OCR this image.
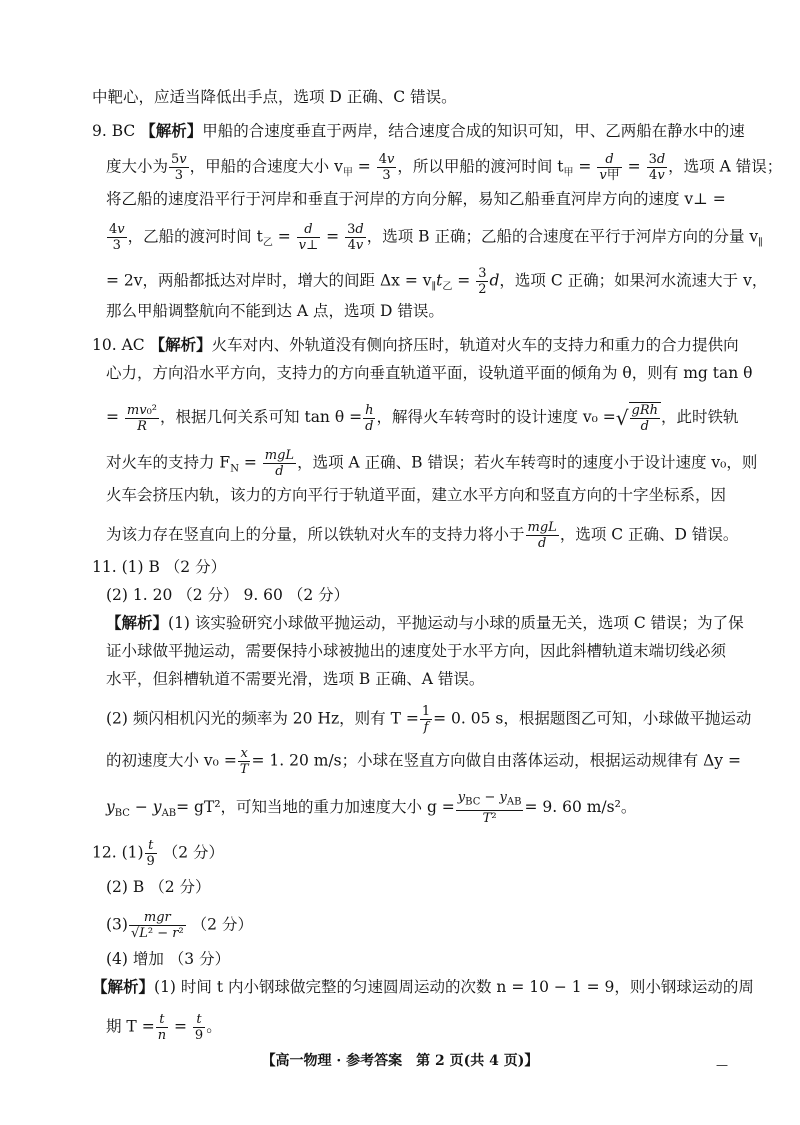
中靶心，应适当降低出手点，选项 D 正确、C 错误。
9. BC 【解析】甲船的合速度垂直于两岸，结合速度合成的知识可知，甲、乙两船在静水中的速
度大小为 $\frac{5v}{3}$ ，甲船的合速度大小 $v_甲 = \frac{4v}{3}$ ，所以甲船的渡河时间 $t_甲 = d$
v甲 = $\frac{3d}{4v}$ ，选项 A 错误；
将乙船的速度沿平行于河岸和垂直于河岸的方向分解，易知乙船垂直河岸方向的速度 v⊥ =
$\frac{4v}{3}$ ，乙船的渡河时间 $t_乙 = \frac{d}{v\perp} = \frac{3d}{4v}$ ，选项 B 正确；乙船的合速度在平行于河岸方向的分量 $v_\parallel$
= 2v，两船都抵达对岸时，增大的间距 $\Delta x = v_\parallel t_乙 = \frac{3}{2}$ d，选项 C 正确；如果河水流速大于 v，
那么甲船调整航向不能到达 A 点，选项 D 错误。
10. AC 【解析】火车对内、外轨道没有侧向挤压时，轨道对火车的支持力和重力的合力提供向
心力，方向沿水平方向，支持力的方向垂直轨道平面，设轨道平面的倾角为 θ，则有 mg tan θ
= $\frac{\text{mv₀²}}{R}$ ，根据几何关系可知 $\tan \theta = \frac{h}{d}$ ，解得火车转弯时的设计速度 v₀ =√ gRh
d
，此时铁轨
对火车的支持力 $F_N$ = mgL
d ，选项 A 正确、B 错误；若火车转弯时的速度小于设计速度 v₀，则
火车会挤压内轨，该力的方向平行于轨道平面，建立水平方向和竖直方向的十字坐标系，因
为该力存在竖直向上的分量，所以铁轨对火车的支持力将小于 mgL
d ，选项 C 正确、D 错误。
11. (1) B （2 分）
(2) 1. 20 （2 分） 9. 60 （2 分）
【解析】(1) 该实验研究小球做平抛运动，平抛运动与小球的质量无关，选项 C 错误；为了保
证小球做平抛运动，需要保持小球被抛出的速度处于水平方向，因此斜槽轨道末端切线必须
水平，但斜槽轨道不需要光滑，选项 B 正确、A 错误。
(2) 频闪相机闪光的频率为 20 Hz，则有 $T = \frac{1}{f} = 0$. 05 s，根据题图乙可知，小球做平抛运动
的初速度大小 $v_0 = \frac{x}{T} = 1$. 20 m/s；小球在竖直方向做自由落体运动，根据运动规律有 Δy =
$y_{BC} - y_{AB}= gT^2$，可知当地的重力加速度大小 g =
$y_{BC} - y_{AB}$
T²
= 9. 60 m/s²。
12. $(1) \frac{t}{9} (2$ 分）
(2) B （2 分）
(3)	mgr
√L² − r² （2 分）
(4) 增加 （3 分）
【解析】(1) 时间 t 内小钢球做完整的匀速圆周运动的次数 n = 10 − 1 = 9，则小钢球运动的周
期 $T = \frac{t}{n} = \frac{t}{9}$ 。
【高一物理 · 参考答案　第 2 页(共 4 页)】	—
